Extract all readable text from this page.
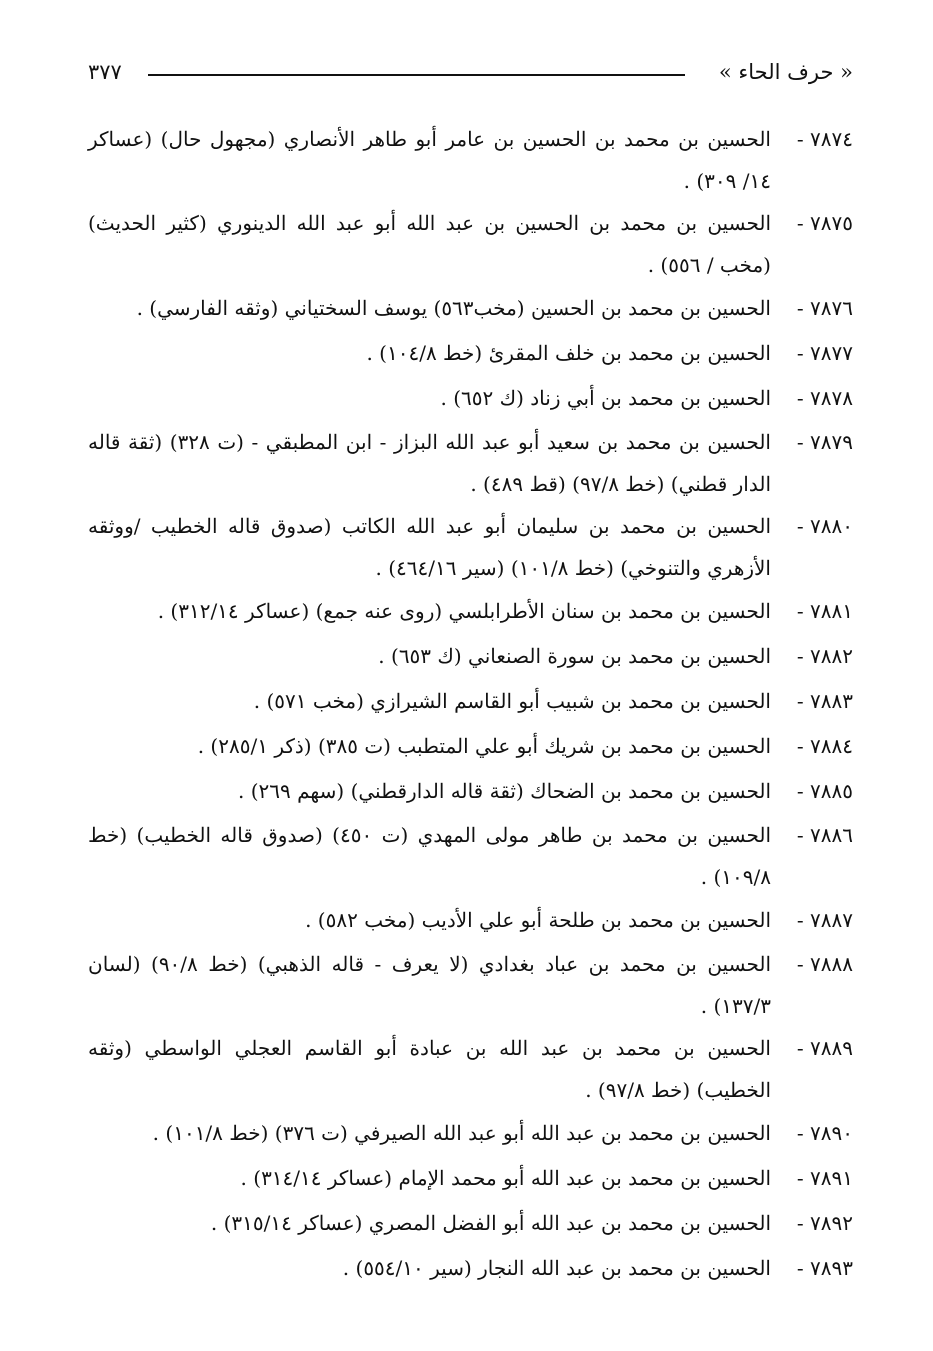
« حرف الحاء »
٣٧٧

٧٨٧٤ -الحسين بن محمد بن الحسين بن عامر أبو طاهر الأنصاري (مجهول حال) (عساكر ١٤/ ٣٠٩) .

٧٨٧٥ -الحسين بن محمد بن الحسين بن عبد الله أبو عبد الله الدينوري (كثير الحديث) (مخب / ٥٥٦) .

٧٨٧٦ -الحسين بن محمد بن الحسين (مخب٥٦٣) يوسف السختياني (وثقه الفارسي) .

٧٨٧٧ -الحسين بن محمد بن خلف المقرئ (خط ١٠٤/٨) .

٧٨٧٨ -الحسين بن محمد بن أبي زناد (ك ٦٥٢) .

٧٨٧٩ -الحسين بن محمد بن سعيد أبو عبد الله البزاز - ابن المطبقي - (ت ٣٢٨) (ثقة قاله الدار قطني) (خط ٩٧/٨) (قط ٤٨٩) .

٧٨٨٠ -الحسين بن محمد بن سليمان أبو عبد الله الكاتب (صدوق قاله الخطيب /ووثقه الأزهري والتنوخي) (خط ١٠١/٨) (سير ٤٦٤/١٦) .

٧٨٨١ -الحسين بن محمد بن سنان الأطرابلسي (روى عنه جمع) (عساكر ٣١٢/١٤) .

٧٨٨٢ -الحسين بن محمد بن سورة الصنعاني (ك ٦٥٣) .

٧٨٨٣ -الحسين بن محمد بن شبيب أبو القاسم الشيرازي (مخب ٥٧١) .

٧٨٨٤ -الحسين بن محمد بن شريك أبو علي المتطبب (ت ٣٨٥) (ذكر ٢٨٥/١) .

٧٨٨٥ -الحسين بن محمد بن الضحاك (ثقة قاله الدارقطني) (سهم ٢٦٩) .

٧٨٨٦ -الحسين بن محمد بن طاهر مولى المهدي (ت ٤٥٠) (صدوق قاله الخطيب) (خط ١٠٩/٨) .

٧٨٨٧ -الحسين بن محمد بن طلحة أبو علي الأديب (مخب ٥٨٢) .

٧٨٨٨ -الحسين بن محمد بن عباد بغدادي (لا يعرف - قاله الذهبي) (خط ٩٠/٨) (لسان ١٣٧/٣) .

٧٨٨٩ -الحسين بن محمد بن عبد الله بن عبادة أبو القاسم العجلي الواسطي (وثقه الخطيب) (خط ٩٧/٨) .

٧٨٩٠ -الحسين بن محمد بن عبد الله أبو عبد الله الصيرفي (ت ٣٧٦) (خط ١٠١/٨) .

٧٨٩١ -الحسين بن محمد بن عبد الله أبو محمد الإمام (عساكر ٣١٤/١٤) .

٧٨٩٢ -الحسين بن محمد بن عبد الله أبو الفضل المصري (عساكر ٣١٥/١٤) .

٧٨٩٣ -الحسين بن محمد بن عبد الله النجار (سير ٥٥٤/١٠) .
